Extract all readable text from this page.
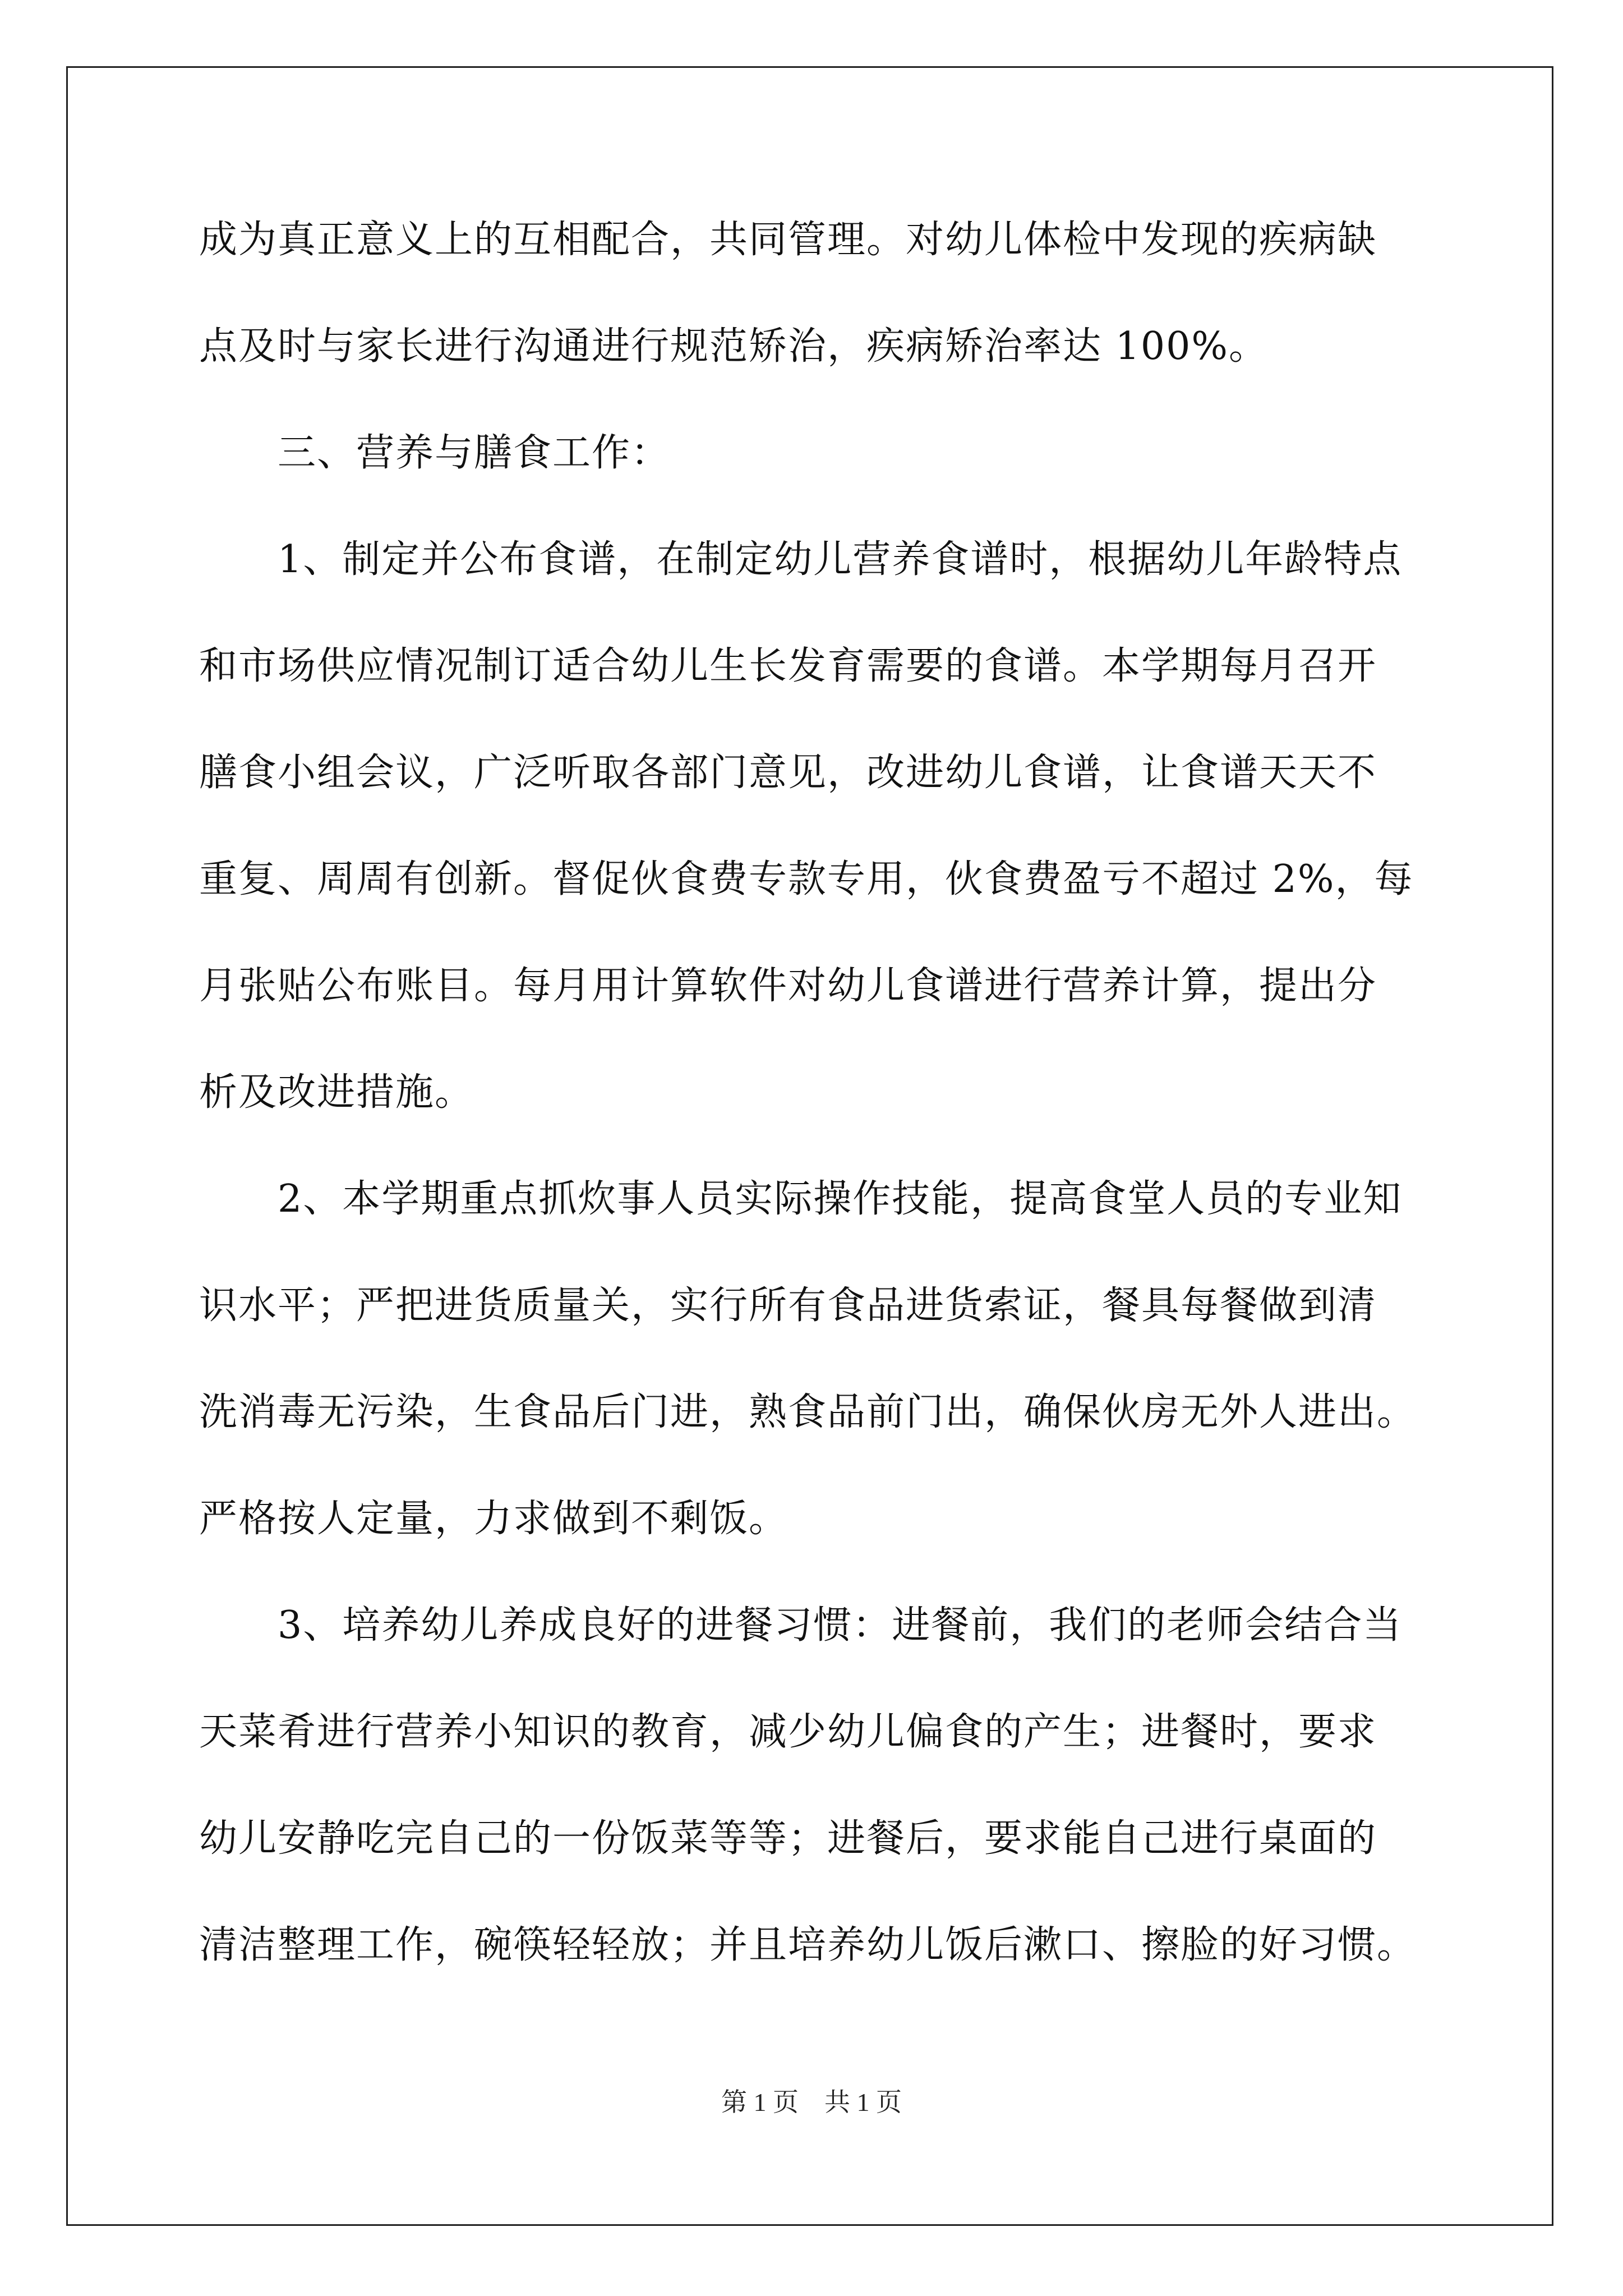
成为真正意义上的互相配合，共同管理。对幼儿体检中发现的疾病缺
点及时与家长进行沟通进行规范矫治，疾病矫治率达 100%。
三、营养与膳食工作：
1、制定并公布食谱，在制定幼儿营养食谱时，根据幼儿年龄特点
和市场供应情况制订适合幼儿生长发育需要的食谱。本学期每月召开
膳食小组会议，广泛听取各部门意见，改进幼儿食谱，让食谱天天不
重复、周周有创新。督促伙食费专款专用，伙食费盈亏不超过 2%，每
月张贴公布账目。每月用计算软件对幼儿食谱进行营养计算，提出分
析及改进措施。
2、本学期重点抓炊事人员实际操作技能，提高食堂人员的专业知
识水平；严把进货质量关，实行所有食品进货索证，餐具每餐做到清
洗消毒无污染，生食品后门进，熟食品前门出，确保伙房无外人进出。
严格按人定量，力求做到不剩饭。
3、培养幼儿养成良好的进餐习惯：进餐前，我们的老师会结合当
天菜肴进行营养小知识的教育，减少幼儿偏食的产生；进餐时，要求
幼儿安静吃完自己的一份饭菜等等；进餐后，要求能自己进行桌面的
清洁整理工作，碗筷轻轻放；并且培养幼儿饭后漱口、擦脸的好习惯。
第 1 页　共 1 页
